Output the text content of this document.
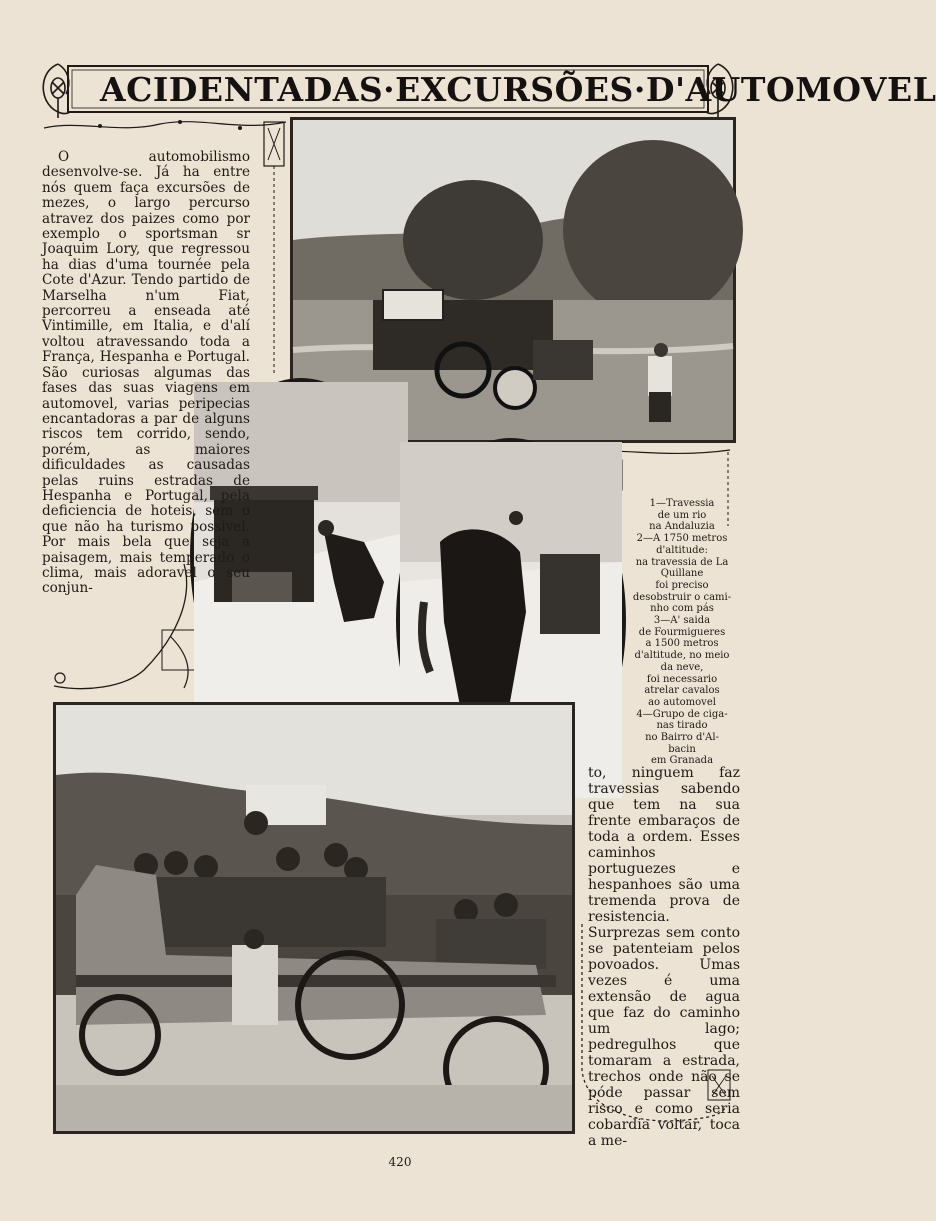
ACIDENTADAS·EXCURSÕES·D'AUTOMOVEL

O automobilismo desenvolve-se. Já ha entre nós quem faça excursões de mezes, o largo percurso atravez dos paizes como por exemplo o sportsman sr Joaquim Lory, que regressou ha dias d'uma tournée pela Cote d'Azur. Tendo partido de Marselha n'um Fiat, percorreu a enseada até Vintimille, em Italia, e d'alí voltou atravessando toda a França, Hespanha e Portugal. São curiosas algumas das fases das suas viagens em automovel, varias peripecias encantadoras a par de alguns riscos tem corrido, sendo, porém, as maiores dificuldades as causadas pelas ruins estradas de Hespanha e Portugal, pela deficiencia de hoteis, sem o que não ha turismo possivel. Por mais bela que seja a paisagem, mais temperado o clima, mais adoravel o seu conjun-

1—Travessia
de um rio
na Andaluzia
2—A 1750 metros
d'altitude:
na travessia de La
Quillane
foi preciso
desobstruir o cami-
nho com pás
3—A' saida
de Fourmigueres
a 1500 metros
d'altitude, no meio
da neve,
foi necessario
atrelar cavalos
ao automovel
4—Grupo de ciga-
nas tirado
no Bairro d'Al-
bacin
em Granada

to, ninguem faz travessias sabendo que tem na sua frente embaraços de toda a ordem. Esses caminhos portuguezes e hespanhoes são uma tremenda prova de resistencia. Surprezas sem conto se patenteiam pelos povoados. Umas vezes é uma extensão de agua que faz do caminho um lago; pedregulhos que tomaram a estrada, trechos onde não se póde passar sem risco e como seria cobardia voltar, toca a me-

420
